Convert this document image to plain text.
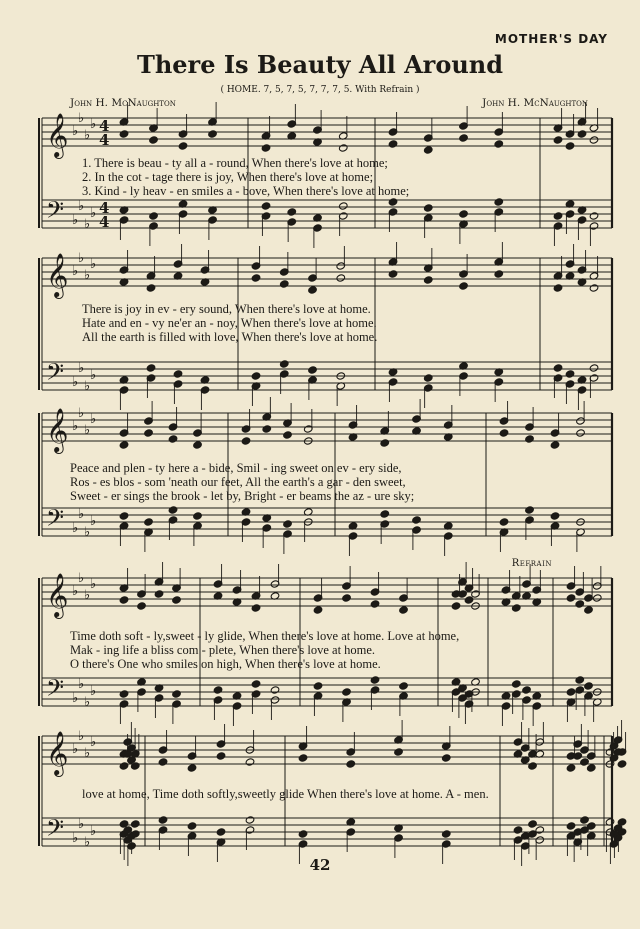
MOTHER'S DAY
There Is Beauty All Around
( HOME. 7, 5, 7, 5, 7, 7, 7, 5. With Refrain )
John H. McNaughton	John H. McNaughton
Refrain
𝄞
𝄢
♭
♭
♭
♭
♭
♭
♭
♭
4
4
4
4
𝄞
𝄢
♭
♭
♭
♭
♭
♭
♭
♭
𝄞
𝄢
♭
♭
♭
♭
♭
♭
♭
♭
𝄞
𝄢
♭
♭
♭
♭
♭
♭
♭
♭
𝄞
𝄢
♭
♭
♭
♭
♭
♭
♭
♭
1. There is beau - ty all a - round, When there's love at home;
2. In the cot - tage there is joy, When there's love at home;
3. Kind - ly heav - en smiles a - bove, When there's love at home;
There is joy in ev - ery sound, When there's love at home.
Hate and en - vy ne'er an - noy, When there's love at home.
All the earth is filled with love, When there's love at home.
Peace and plen - ty here a - bide, Smil - ing sweet on ev - ery side,
Ros - es blos - som 'neath our feet, All the earth's a gar - den sweet,
Sweet - er sings the brook - let by, Bright - er beams the az - ure sky;
Time doth soft - ly,sweet - ly glide, When there's love at home. Love at home,
Mak - ing life a bliss com - plete, When there's love at home.
O there's One who smiles on high, When there's love at home.
love at home, Time doth softly,sweetly glide When there's love at home. A - men.
42
